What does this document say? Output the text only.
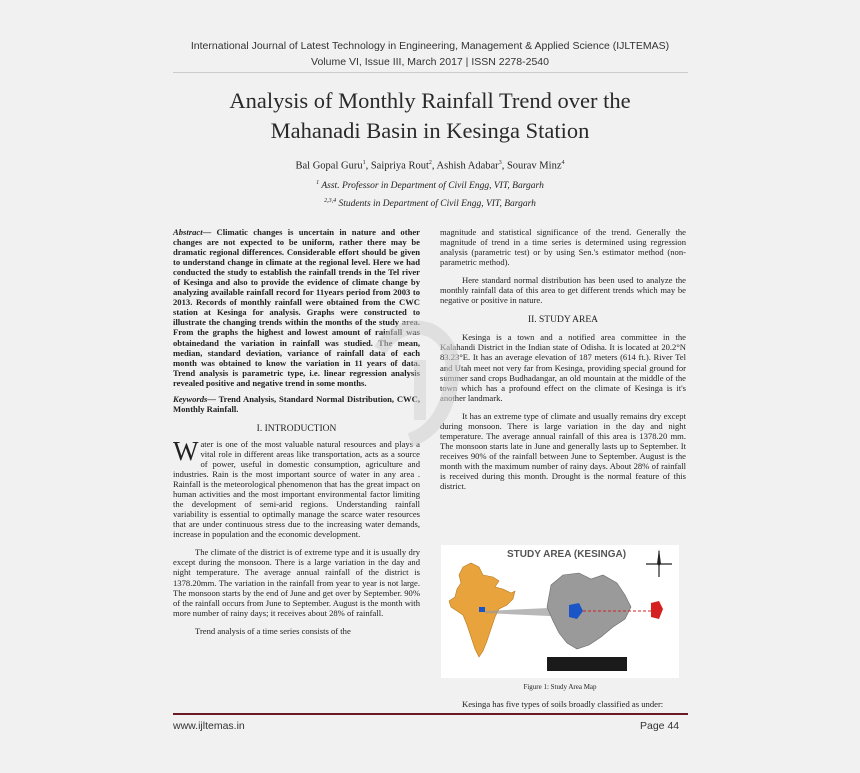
International Journal of Latest Technology in Engineering, Management & Applied Science (IJLTEMAS)
Volume VI, Issue III, March 2017 | ISSN 2278-2540
Analysis of Monthly Rainfall Trend over the
Mahanadi Basin in Kesinga Station
Bal Gopal Guru$^1$, Saipriya Rout$^2$, Ashish Adabar$^3$, Sourav Minz$^4$
$^1$ Asst. Professor in Department of Civil Engg, VIT, Bargarh
$^{2,3,4}$ Students in Department of Civil Engg, VIT, Bargarh

Abstract— Climatic changes is uncertain in nature and other changes are not expected to be uniform, rather there may be dramatic regional differences. Considerable effort should be given to understand change in climate at the regional level. Here we had conducted the study to establish the rainfall trends in the Tel river of Kesinga and also to provide the evidence of climate change by analyzing available rainfall record for 11years period from 2003 to 2013. Records of monthly rainfall were obtained from the CWC station at Kesinga for analysis. Graphs were constructed to illustrate the changing trends within the months of the study area. From the graphs the highest and lowest amount of rainfall was obtainedand the variation in rainfall was studied. The mean, median, standard deviation, variance of rainfall data of each month was obtained to know the variation in 11 years of data. Trend analysis is parametric type, i.e. linear regression analysis revealed positive and negative trend in some months.

Keywords— Trend Analysis, Standard Normal Distribution, CWC, Monthly Rainfall.

I. INTRODUCTION

Water is one of the most valuable natural resources and plays a vital role in different areas like transportation, acts as a source of power, useful in domestic consumption, agriculture and industries. Rain is the most important source of water in any area . Rainfall is the meteorological phenomenon that has the great impact on human activities and the most important environmental factor limiting the development of semi-arid regions. Understanding rainfall variability is essential to optimally manage the scarce water resources that are under continuous stress due to the increasing water demands, increase in population and the economic development.

The climate of the district is of extreme type and it is usually dry except during the monsoon. There is a large variation in the day and night temperature. The average annual rainfall of the district is 1378.20mm. The variation in the rainfall from year to year is not large. The monsoon starts by the end of June and get over by September. 90% of the rainfall occurs from June to September. August is the month with more number of rainy days; it receives about 28% of rainfall.

Trend analysis of a time series consists of the

magnitude and statistical significance of the trend. Generally the magnitude of trend in a time series is determined using regression analysis (parametric test) or by using Sen.'s estimator method (non- parametric method).

Here standard normal distribution has been used to analyze the monthly rainfall data of this area to get different trends which may be negative or positive in nature.

II. STUDY AREA

Kesinga is a town and a notified area committee in the Kalahandi District in the Indian state of Odisha. It is located at 20.2°N 83.23°E. It has an average elevation of 187 meters (614 ft.). River Tel and Utah meet not very far from Kesinga, providing special ground for summer sand crops Budhadangar, an old mountain at the middle of the town which has a profound effect on the climate of Kesinga is it's another landmark.

It has an extreme type of climate and usually remains dry except during monsoon. There is large variation in the day and night temperature. The average annual rainfall of this area is 1378.20 mm. The monsoon starts late in June and generally lasts up to September. It receives 90% of the rainfall between June to September. August is the month with the maximum number of rainy days. About 28% of rainfall is received during this month. Drought is the normal feature of this district.

STUDY AREA (KESINGA)
Figure 1: Study Area Map

Kesinga has five types of soils broadly classified as under:

www.ijltemas.in	Page 44
